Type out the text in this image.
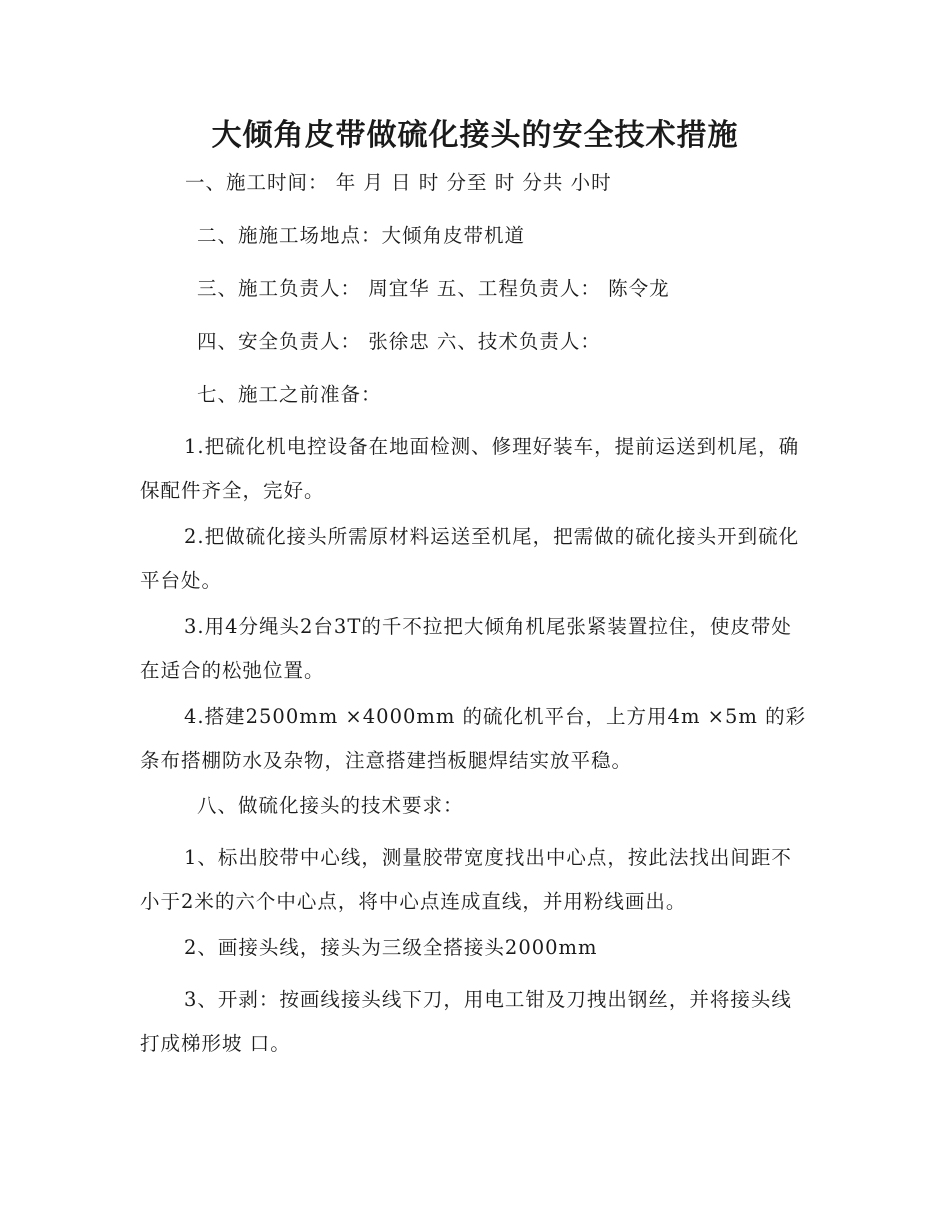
大倾角皮带做硫化接头的安全技术措施
一、施工时间： 年 月 日 时 分至 时 分共 小时
二、施施工场地点：大倾角皮带机道
三、施工负责人： 周宜华 五、工程负责人： 陈令龙
四、安全负责人： 张徐忠 六、技术负责人：
七、施工之前准备：
1.把硫化机电控设备在地面检测、修理好装车，提前运送到机尾，确保配件齐全，完好。
2.把做硫化接头所需原材料运送至机尾，把需做的硫化接头开到硫化平台处。
3.用4分绳头2台3T的千不拉把大倾角机尾张紧装置拉住，使皮带处在适合的松弛位置。
4.搭建2500mm ×4000mm 的硫化机平台，上方用4m ×5m 的彩条布搭棚防水及杂物，注意搭建挡板腿焊结实放平稳。
八、做硫化接头的技术要求：
1、标出胶带中心线，测量胶带宽度找出中心点，按此法找出间距不小于2米的六个中心点，将中心点连成直线，并用粉线画出。
2、画接头线，接头为三级全搭接头2000mm
3、开剥：按画线接头线下刀，用电工钳及刀拽出钢丝，并将接头线打成梯形坡 口。
